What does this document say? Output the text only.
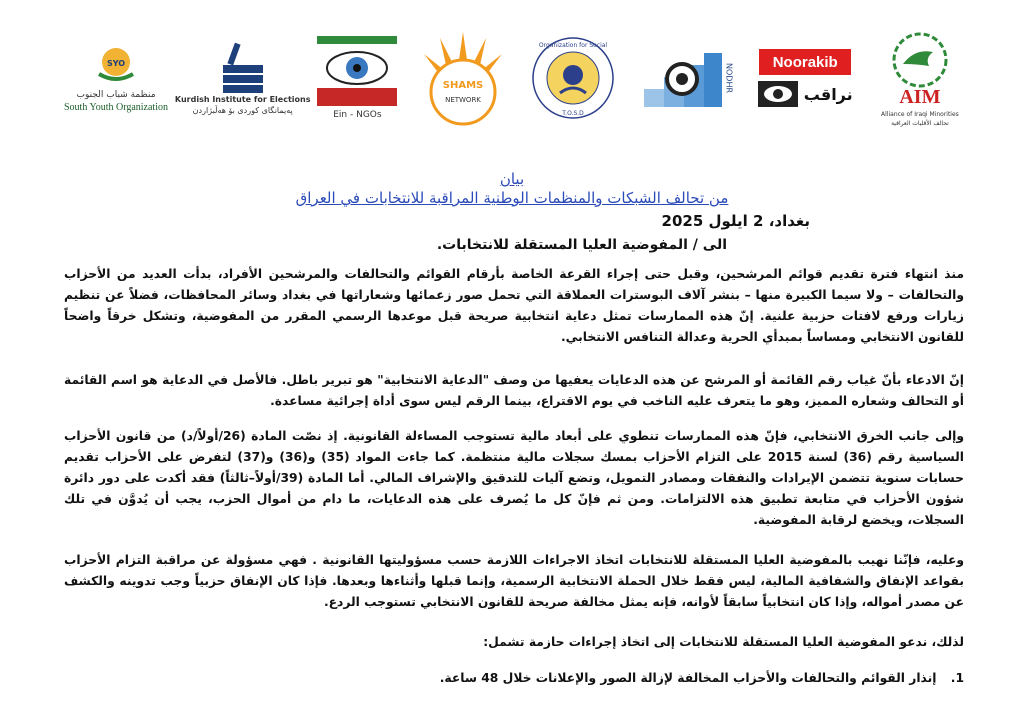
AIM
Alliance of Iraqi Minorities
تحالف الأقليات العراقية
Noorakib
نراقب
NODHR
Organization for Social
T.O.S.D
SHAMS
NETWORK
Ein - NGOs
Kurdish Institute for Elections
پەیمانگای کوردی بۆ هەڵبژاردن
SYO
منظمة شباب الجنوب
South Youth Organization
بيان
من تحالف الشبكات والمنظمات الوطنية المراقبة للانتخابات في العراق
بغداد، 2 ايلول 2025
الى / المفوضية العليا المستقلة للانتخابات.
منذ انتهاء فترة تقديم قوائم المرشحين، وقبل حتى إجراء القرعة الخاصة بأرقام القوائم والتحالفات والمرشحين الأفراد، بدأت العديد من الأحزاب والتحالفات – ولا سيما الكبيرة منها – بنشر آلاف البوسترات العملاقة التي تحمل صور زعمائها وشعاراتها في بغداد وسائر المحافظات، فضلاً عن تنظيم زيارات ورفع لافتات حزبية علنية. إنّ هذه الممارسات تمثل دعاية انتخابية صريحة قبل موعدها الرسمي المقرر من المفوضية، وتشكل خرقاً واضحاً للقانون الانتخابي ومساساً بمبدأي الحرية وعدالة التنافس الانتخابي.
إنّ الادعاء بأنّ غياب رقم القائمة أو المرشح عن هذه الدعايات يعفيها من وصف "الدعاية الانتخابية" هو تبرير باطل. فالأصل في الدعاية هو اسم القائمة أو التحالف وشعاره المميز، وهو ما يتعرف عليه الناخب في يوم الاقتراع، بينما الرقم ليس سوى أداة إجرائية مساعدة.
وإلى جانب الخرق الانتخابي، فإنّ هذه الممارسات تنطوي على أبعاد مالية تستوجب المساءلة القانونية. إذ نصّت المادة (26/أولاً/د) من قانون الأحزاب السياسية رقم (36) لسنة 2015 على التزام الأحزاب بمسك سجلات مالية منتظمة. كما جاءت المواد (35) و(36) و(37) لتفرض على الأحزاب تقديم حسابات سنوية تتضمن الإيرادات والنفقات ومصادر التمويل، وتضع آليات للتدقيق والإشراف المالي. أما المادة (39/أولاً–ثالثاً) فقد أكدت على دور دائرة شؤون الأحزاب في متابعة تطبيق هذه الالتزامات. ومن ثم فإنّ كل ما يُصرف على هذه الدعايات، ما دام من أموال الحزب، يجب أن يُدوَّن في تلك السجلات، ويخضع لرقابة المفوضية.
وعليه، فإنّنا نهيب بالمفوضية العليا المستقلة للانتخابات اتخاذ الاجراءات اللازمة حسب مسؤوليتها القانونية . فهي مسؤولة عن مراقبة التزام الأحزاب بقواعد الإنفاق والشفافية المالية، ليس فقط خلال الحملة الانتخابية الرسمية، وإنما قبلها وأثناءها وبعدها. فإذا كان الإنفاق حزبياً وجب تدوينه والكشف عن مصدر أمواله، وإذا كان انتخابياً سابقاً لأوانه، فإنه يمثل مخالفة صريحة للقانون الانتخابي تستوجب الردع.
لذلك، ندعو المفوضية العليا المستقلة للانتخابات إلى اتخاذ إجراءات حازمة تشمل:
1. إنذار القوائم والتحالفات والأحزاب المخالفة لإزالة الصور والإعلانات خلال 48 ساعة.
